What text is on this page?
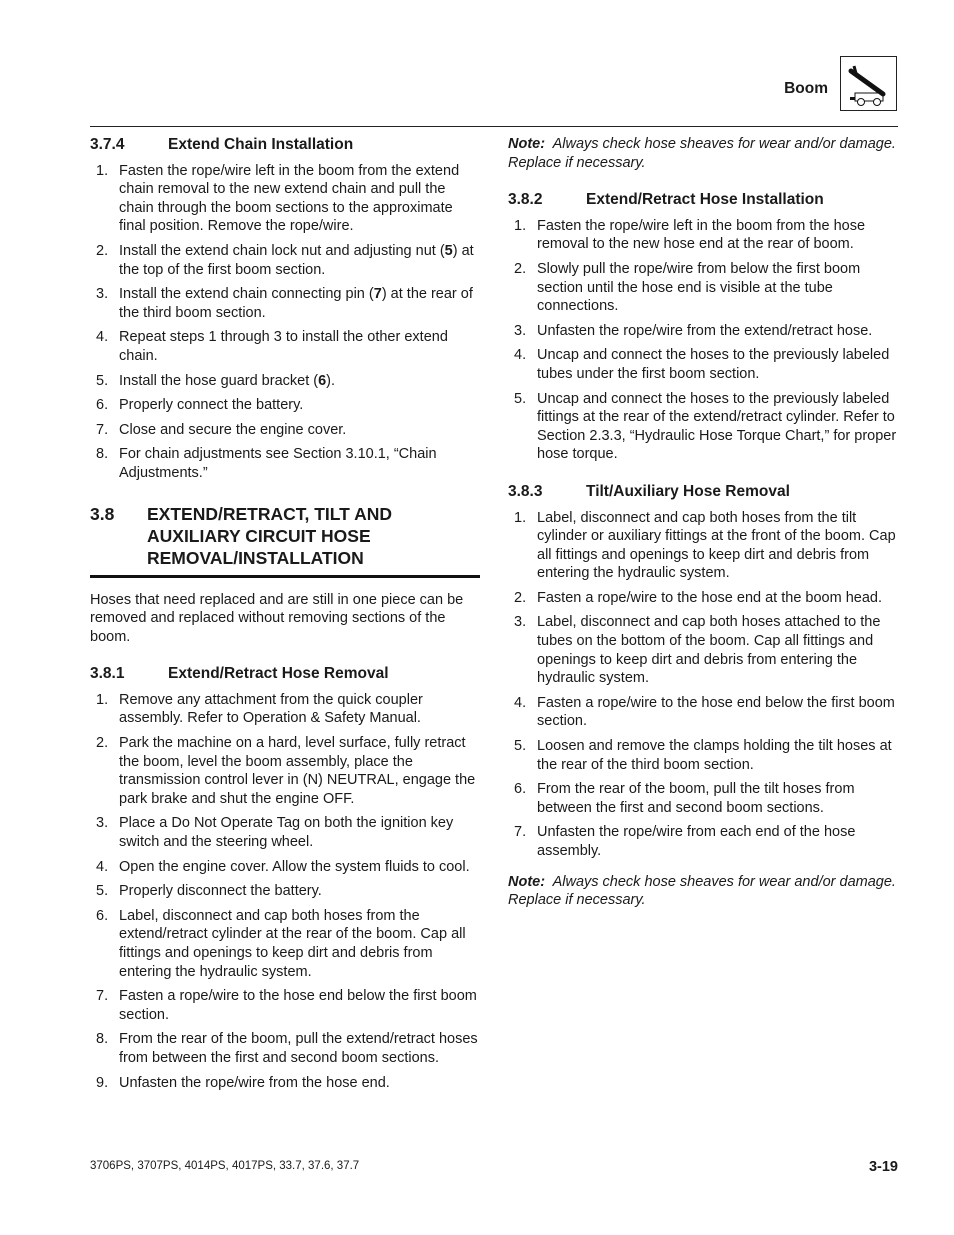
Boom
3.7.4	Extend Chain Installation
1. Fasten the rope/wire left in the boom from the extend chain removal to the new extend chain and pull the chain through the boom sections to the approximate final position. Remove the rope/wire.
2. Install the extend chain lock nut and adjusting nut (5) at the top of the first boom section.
3. Install the extend chain connecting pin (7) at the rear of the third boom section.
4. Repeat steps 1 through 3 to install the other extend chain.
5. Install the hose guard bracket (6).
6. Properly connect the battery.
7. Close and secure the engine cover.
8. For chain adjustments see Section 3.10.1, “Chain Adjustments.”
3.8	EXTEND/RETRACT, TILT AND AUXILIARY CIRCUIT HOSE REMOVAL/INSTALLATION

Hoses that need replaced and are still in one piece can be removed and replaced without removing sections of the boom.

3.8.1	Extend/Retract Hose Removal
1. Remove any attachment from the quick coupler assembly. Refer to Operation & Safety Manual.
2. Park the machine on a hard, level surface, fully retract the boom, level the boom assembly, place the transmission control lever in (N) NEUTRAL, engage the park brake and shut the engine OFF.
3. Place a Do Not Operate Tag on both the ignition key switch and the steering wheel.
4. Open the engine cover. Allow the system fluids to cool.
5. Properly disconnect the battery.
6. Label, disconnect and cap both hoses from the extend/retract cylinder at the rear of the boom. Cap all fittings and openings to keep dirt and debris from entering the hydraulic system.
7. Fasten a rope/wire to the hose end below the first boom section.
8. From the rear of the boom, pull the extend/retract hoses from between the first and second boom sections.
9. Unfasten the rope/wire from the hose end.

Note: Always check hose sheaves for wear and/or damage. Replace if necessary.

3.8.2	Extend/Retract Hose Installation
1. Fasten the rope/wire left in the boom from the hose removal to the new hose end at the rear of boom.
2. Slowly pull the rope/wire from below the first boom section until the hose end is visible at the tube connections.
3. Unfasten the rope/wire from the extend/retract hose.
4. Uncap and connect the hoses to the previously labeled tubes under the first boom section.
5. Uncap and connect the hoses to the previously labeled fittings at the rear of the extend/retract cylinder. Refer to Section 2.3.3, “Hydraulic Hose Torque Chart,” for proper hose torque.
3.8.3	Tilt/Auxiliary Hose Removal
1. Label, disconnect and cap both hoses from the tilt cylinder or auxiliary fittings at the front of the boom. Cap all fittings and openings to keep dirt and debris from entering the hydraulic system.
2. Fasten a rope/wire to the hose end at the boom head.
3. Label, disconnect and cap both hoses attached to the tubes on the bottom of the boom. Cap all fittings and openings to keep dirt and debris from entering the hydraulic system.
4. Fasten a rope/wire to the hose end below the first boom section.
5. Loosen and remove the clamps holding the tilt hoses at the rear of the third boom section.
6. From the rear of the boom, pull the tilt hoses from between the first and second boom sections.
7. Unfasten the rope/wire from each end of the hose assembly.

Note: Always check hose sheaves for wear and/or damage. Replace if necessary.

3706PS, 3707PS, 4014PS, 4017PS, 33.7, 37.6, 37.7	3-19
